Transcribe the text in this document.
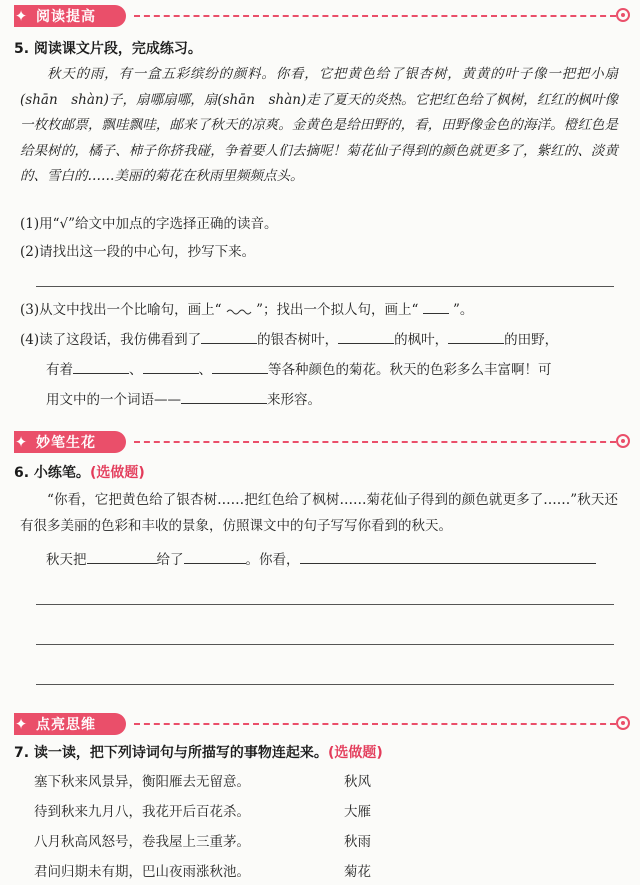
✦ 阅读提高
5. 阅读课文片段，完成练习。
秋天的雨，有一盒五彩缤纷的颜料。你看，它把黄色给了银杏树，黄黄的叶子像一把把小扇(shān　shàn)子，扇哪扇哪，扇(shān　shàn)走了夏天的炎热。它把红色给了枫树，红红的枫叶像一枚枚邮票，飘哇飘哇，邮来了秋天的凉爽。金黄色是给田野的，看，田野像金色的海洋。橙红色是给果树的，橘子、柿子你挤我碰，争着要人们去摘呢！菊花仙子得到的颜色就更多了，紫红的、淡黄的、雪白的……美丽的菊花在秋雨里频频点头。
(1)用“√”给文中加点的字选择正确的读音。
(2)请找出这一段的中心句，抄写下来。
(3)从文中找出一个比喻句，画上“	”；找出一个拟人句，画上“	”。
(4)读了这段话，我仿佛看到了	的银杏树叶，	的枫叶，	的田野，
有着	、	、	等各种颜色的菊花。秋天的色彩多么丰富啊！可
用文中的一个词语——	来形容。
✦ 妙笔生花
6. 小练笔。(选做题)
“你看，它把黄色给了银杏树……把红色给了枫树……菊花仙子得到的颜色就更多了……”秋天还有很多美丽的色彩和丰收的景象，仿照课文中的句子写写你看到的秋天。
秋天把	给了	。你看，
✦ 点亮思维
7. 读一读，把下列诗词句与所描写的事物连起来。(选做题)
塞下秋来风景异，衡阳雁去无留意。	秋风
待到秋来九月八，我花开后百花杀。	大雁
八月秋高风怒号，卷我屋上三重茅。	秋雨
君问归期未有期，巴山夜雨涨秋池。	菊花
